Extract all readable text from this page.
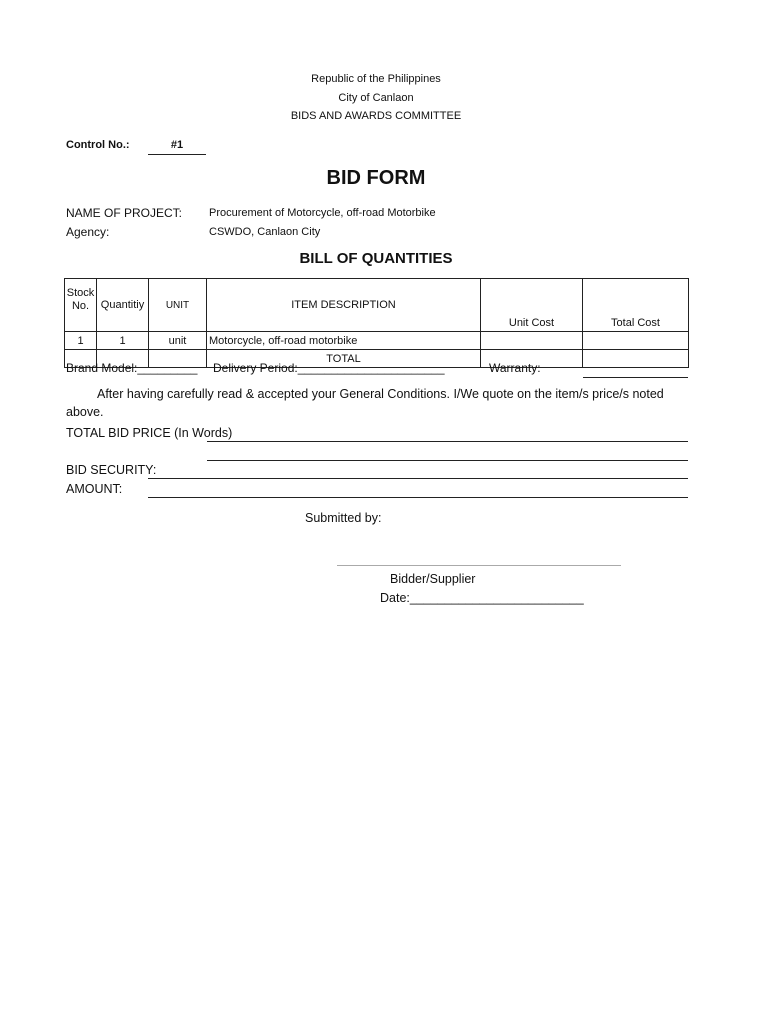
Republic of the Philippines
City of Canlaon
BIDS AND AWARDS COMMITTEE
Control No.:	#1
BID FORM
NAME OF PROJECT: Procurement of Motorcycle, off-road Motorbike
Agency:	CSWDO, Canlaon City
BILL OF QUANTITIES
Stock No.	Quantitiy	UNIT	ITEM DESCRIPTION	Unit Cost	Total Cost
1	1	unit	Motorcycle, off-road motorbike		
			TOTAL		
Brand Model:_________ Delivery Period:______________________	Warranty:
After having carefully read & accepted your General Conditions. I/We quote on the item/s price/s noted
above.
TOTAL BID PRICE (In Words)
BID SECURITY:
AMOUNT:
Submitted by:
Bidder/Supplier
Date:_________________________
